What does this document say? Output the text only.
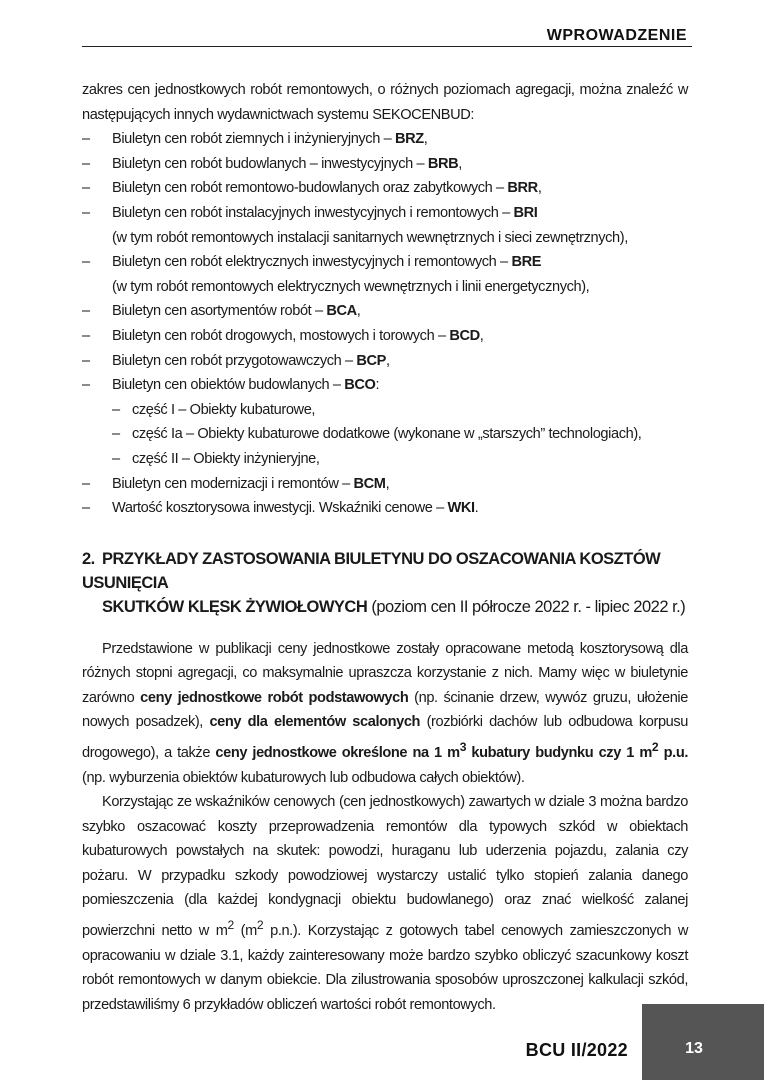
WPROWADZENIE

zakres cen jednostkowych robót remontowych, o różnych poziomach agregacji, można znaleźć w następujących innych wydawnictwach systemu SEKOCENBUD:

– Biuletyn cen robót ziemnych i inżynieryjnych – BRZ,
– Biuletyn cen robót budowlanych – inwestycyjnych – BRB,
– Biuletyn cen robót remontowo-budowlanych oraz zabytkowych – BRR,
– Biuletyn cen robót instalacyjnych inwestycyjnych i remontowych – BRI
(w tym robót remontowych instalacji sanitarnych wewnętrznych i sieci zewnętrznych),
– Biuletyn cen robót elektrycznych inwestycyjnych i remontowych – BRE
(w tym robót remontowych elektrycznych wewnętrznych i linii energetycznych),
– Biuletyn cen asortymentów robót – BCA,
– Biuletyn cen robót drogowych, mostowych i torowych – BCD,
– Biuletyn cen robót przygotowawczych – BCP,
– Biuletyn cen obiektów budowlanych – BCO:
– część I – Obiekty kubaturowe,
– część Ia – Obiekty kubaturowe dodatkowe (wykonane w „starszych” technologiach),
– część II – Obiekty inżynieryjne,
– Biuletyn cen modernizacji i remontów – BCM,
– Wartość kosztorysowa inwestycji. Wskaźniki cenowe – WKI.
2. PRZYKŁADY ZASTOSOWANIA BIULETYNU DO OSZACOWANIA KOSZTÓW USUNIĘCIA
SKUTKÓW KLĘSK ŻYWIOŁOWYCH (poziom cen II półrocze 2022 r. - lipiec 2022 r.)

Przedstawione w publikacji ceny jednostkowe zostały opracowane metodą kosztorysową dla różnych stopni agregacji, co maksymalnie upraszcza korzystanie z nich. Mamy więc w biuletynie zarówno ceny jednostkowe robót podstawowych (np. ścinanie drzew, wywóz gruzu, ułożenie nowych posadzek), ceny dla elementów scalonych (rozbiórki dachów lub odbudowa korpusu drogowego), a także ceny jednostkowe określone na 1 $m^3$ kubatury budynku czy 1 $m^2$ p.u. (np. wyburzenia obiektów kubaturowych lub odbudowa całych obiektów).

Korzystając ze wskaźników cenowych (cen jednostkowych) zawartych w dziale 3 można bardzo szybko oszacować koszty przeprowadzenia remontów dla typowych szkód w obiektach kubaturowych powstałych na skutek: powodzi, huraganu lub uderzenia pojazdu, zalania czy pożaru. W przypadku szkody powodziowej wystarczy ustalić tylko stopień zalania danego pomieszczenia (dla każdej kondygnacji obiektu budowlanego) oraz znać wielkość zalanej powierzchni netto w $m^2$ ($m^2$ p.n.). Korzystając z gotowych tabel cenowych zamieszczonych w opracowaniu w dziale 3.1, każdy zainteresowany może bardzo szybko obliczyć szacunkowy koszt robót remontowych w danym obiekcie. Dla zilustrowania sposobów uproszczonej kalkulacji szkód, przedstawiliśmy 6 przykładów obliczeń wartości robót remontowych.

BCU II/2022	13
